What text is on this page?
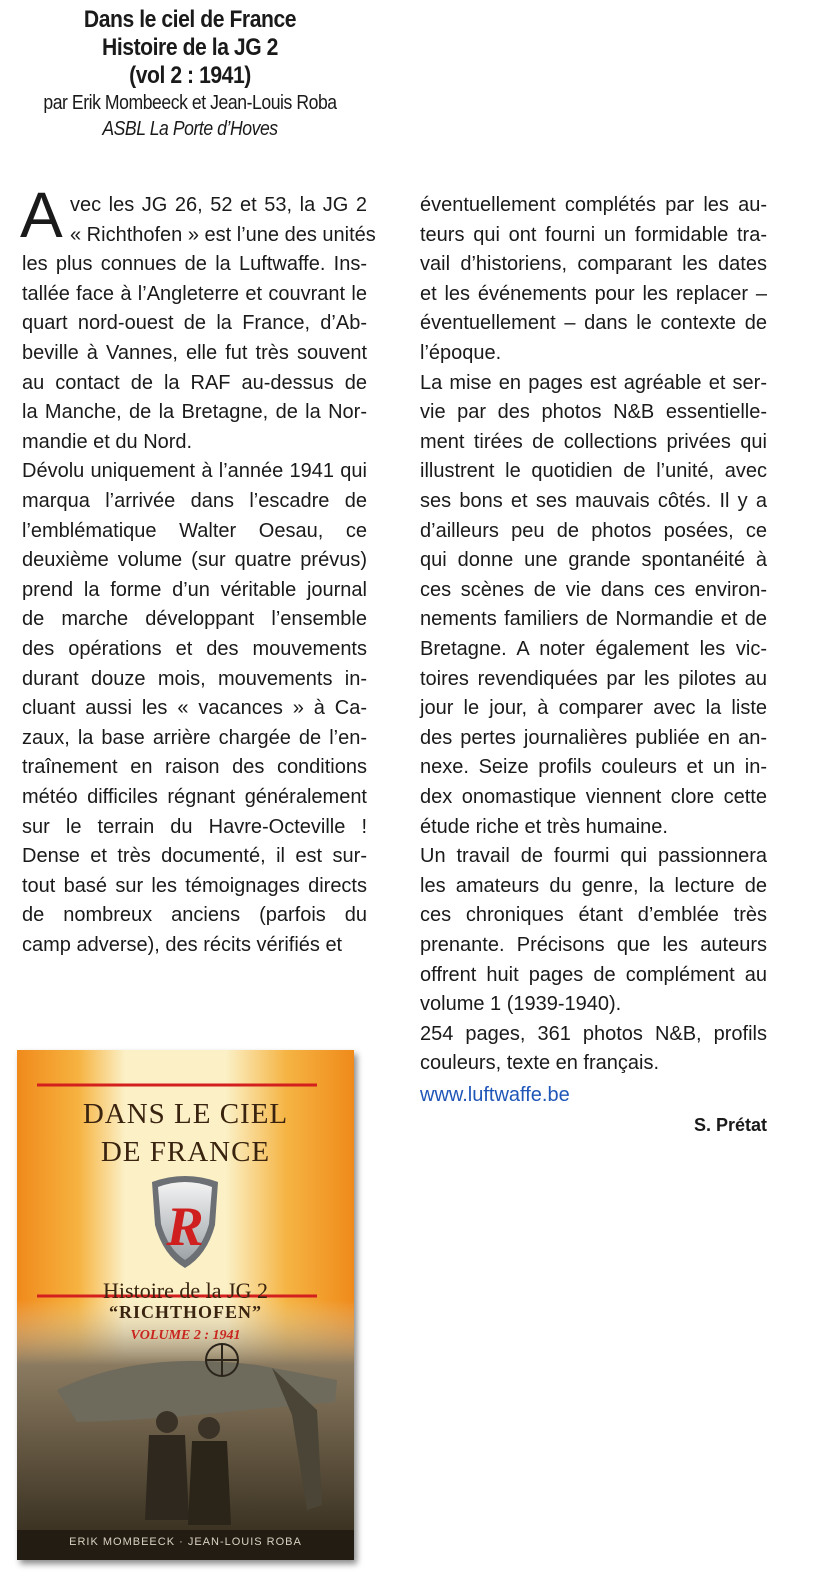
Dans le ciel de France
Histoire de la JG 2
(vol 2 : 1941)
par Erik Mombeeck et Jean-Louis Roba
ASBL La Porte d’Hoves
A vec les JG 26, 52 et 53, la JG 2
« Richthofen » est l’une des unités
les plus connues de la Luftwaffe. Ins-
tallée face à l’Angleterre et couvrant le
quart nord-ouest de la France, d’Ab-
beville à Vannes, elle fut très souvent
au contact de la RAF au-dessus de
la Manche, de la Bretagne, de la Nor-
mandie et du Nord.
Dévolu uniquement à l’année 1941 qui
marqua l’arrivée dans l’escadre de
l’emblématique Walter Oesau, ce
deuxième volume (sur quatre prévus)
prend la forme d’un véritable journal
de marche développant l’ensemble
des opérations et des mouvements
durant douze mois, mouvements in-
cluant aussi les « vacances » à Ca-
zaux, la base arrière chargée de l’en-
traînement en raison des conditions
météo difficiles régnant généralement
sur le terrain du Havre-Octeville !
Dense et très documenté, il est sur-
tout basé sur les témoignages directs
de nombreux anciens (parfois du
camp adverse), des récits vérifiés et
éventuellement complétés par les au-
teurs qui ont fourni un formidable tra-
vail d’historiens, comparant les dates
et les événements pour les replacer –
éventuellement – dans le contexte de
l’époque.
La mise en pages est agréable et ser-
vie par des photos N&B essentielle-
ment tirées de collections privées qui
illustrent le quotidien de l’unité, avec
ses bons et ses mauvais côtés. Il y a
d’ailleurs peu de photos posées, ce
qui donne une grande spontanéité à
ces scènes de vie dans ces environ-
nements familiers de Normandie et de
Bretagne. A noter également les vic-
toires revendiquées par les pilotes au
jour le jour, à comparer avec la liste
des pertes journalières publiée en an-
nexe. Seize profils couleurs et un in-
dex onomastique viennent clore cette
étude riche et très humaine.
Un travail de fourmi qui passionnera
les amateurs du genre, la lecture de
ces chroniques étant d’emblée très
prenante. Précisons que les auteurs
offrent huit pages de complément au
volume 1 (1939-1940).
254 pages, 361 photos N&B, profils
couleurs, texte en français.
www.luftwaffe.be
S. Prétat
R
DANS LE CIEL
DE FRANCE
Histoire de la JG 2
“RICHTHOFEN”
VOLUME 2 : 1941
ERIK MOMBEECK · JEAN-LOUIS ROBA
